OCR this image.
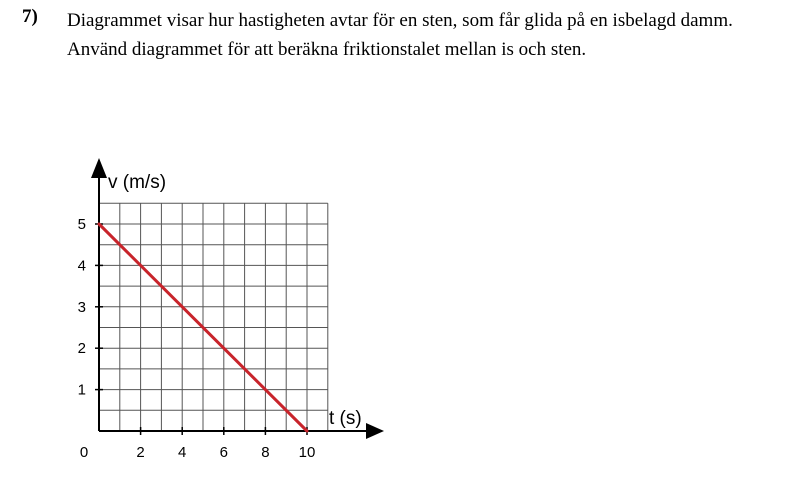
7) Diagrammet visar hur hastigheten avtar för en sten, som får glida på en isbelagd damm. Använd diagrammet för att beräkna friktionstalet mellan is och sten.
0	2 4 6 8 10
1
2
3
4
5
v (m/s)
t (s)
